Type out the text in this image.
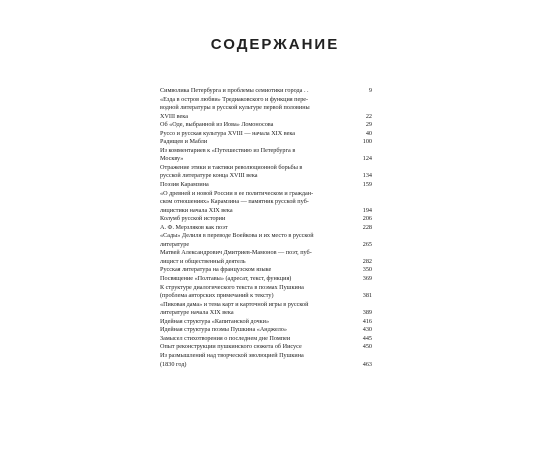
СОДЕРЖАНИЕ
Символика Петербурга и проблемы семиотики города . .	9
«Езда в остров любви» Тредиаковского и функция пере-
водной литературы в русской культуре первой половины
XVIII века	22
Об «Оде, выбранной из Иова» Ломоносова	29
Руссо и русская культура XVIII — начала XIX века	40
Радищев и Мабли	100
Из комментариев к «Путешествию из Петербурга в
Москву»	124
Отражение этики и тактики революционной борьбы в
русской литературе конца XVIII века	134
Поэзия Карамзина	159
«О древней и новой России в ее политическом и граждан-
ском отношениях» Карамзина — памятник русской пуб-
лицистики начала XIX века	194
Колумб русской истории	206
А. Ф. Мерзляков как поэт	228
«Сады» Делиля в переводе Воейкова и их место в русской
литературе	265
Матвей Александрович Дмитриев-Мамонов — поэт, пуб-
лицист и общественный деятель	282
Русская литература на французском языке	350
Посвящение «Полтавы» (адресат, текст, функция)	369
К структуре диалогического текста в поэмах Пушкина
(проблема авторских примечаний к тексту)	381
«Пиковая дама» и тема карт и карточной игры в русской
литературе начала XIX века	389
Идейная структура «Капитанской дочки»	416
Идейная структура поэмы Пушкина «Анджело»	430
Замысел стихотворения о последнем дне Помпеи	445
Опыт реконструкции пушкинского сюжета об Иисусе	450
Из размышлений над творческой эволюцией Пушкина
(1830 год)	463
